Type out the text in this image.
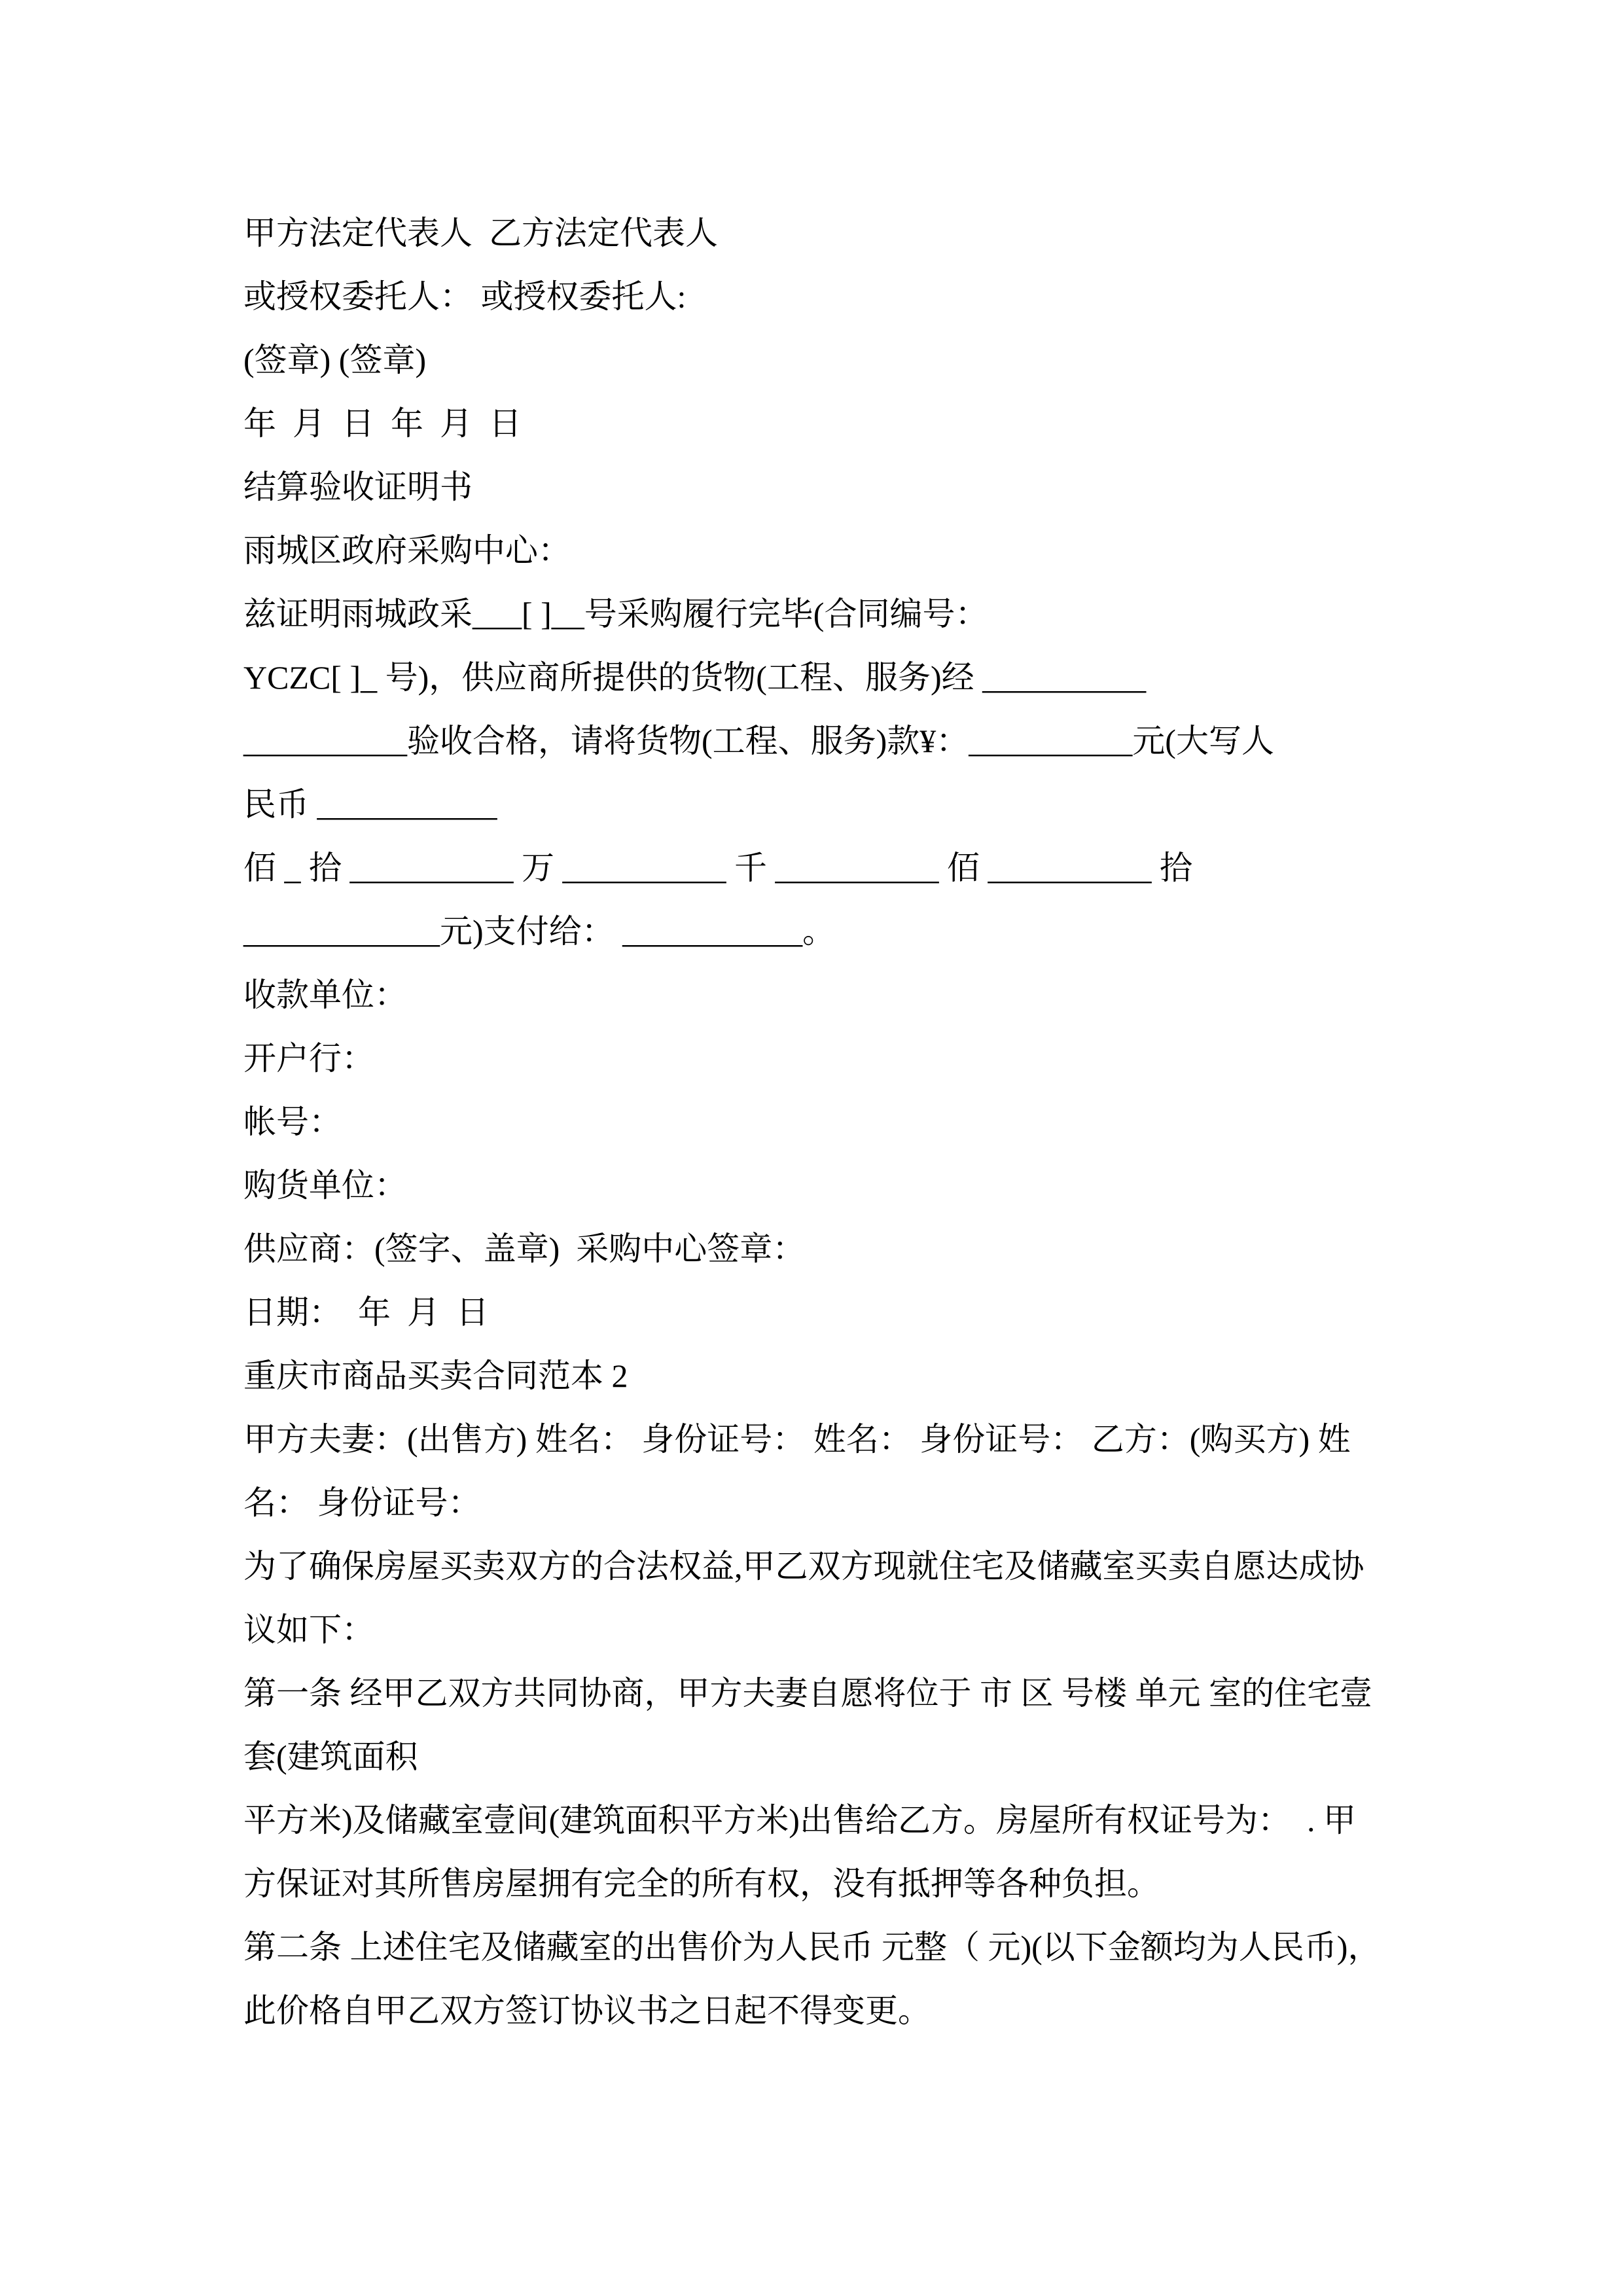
甲方法定代表人  乙方法定代表人
或授权委托人： 或授权委托人:
(签章) (签章)
年  月  日  年  月  日
结算验收证明书
雨城区政府采购中心：
兹证明雨城政采___[ ]__号采购履行完毕(合同编号：
YCZC[ ]_ 号)，供应商所提供的货物(工程、服务)经 __________
__________验收合格，请将货物(工程、服务)款¥：__________元(大写人
民币 ___________
佰 _ 拾 __________ 万 __________ 千 __________ 佰 __________ 拾
____________元)支付给： ___________。
收款单位：
开户行：
帐号：
购货单位：
供应商：(签字、盖章)  采购中心签章：
日期：  年  月  日
重庆市商品买卖合同范本 2
甲方夫妻：(出售方) 姓名： 身份证号： 姓名： 身份证号： 乙方：(购买方) 姓
名： 身份证号：
为了确保房屋买卖双方的合法权益,甲乙双方现就住宅及储藏室买卖自愿达成协
议如下：
第一条 经甲乙双方共同协商，甲方夫妻自愿将位于 市 区 号楼 单元 室的住宅壹
套(建筑面积
平方米)及储藏室壹间(建筑面积平方米)出售给乙方。房屋所有权证号为：  . 甲
方保证对其所售房屋拥有完全的所有权，没有抵押等各种负担。
第二条 上述住宅及储藏室的出售价为人民币 元整（ 元)(以下金额均为人民币)，
此价格自甲乙双方签订协议书之日起不得变更。
